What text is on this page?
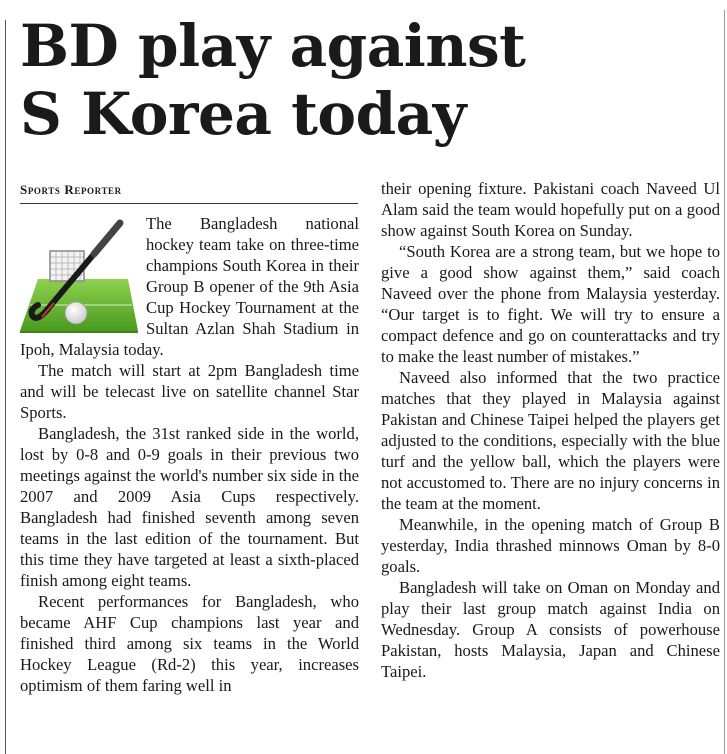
BD play against
S Korea today
Sports Reporter

The Bangladesh national hockey team take on three-time champions South Korea in their Group B opener of the 9th Asia Cup Hockey Tournament at the Sultan Azlan Shah Stadium in Ipoh, Malaysia today.

The match will start at 2pm Bangladesh time and will be telecast live on satellite channel Star Sports.

Bangladesh, the 31st ranked side in the world, lost by 0-8 and 0-9 goals in their previous two meetings against the world's number six side in the 2007 and 2009 Asia Cups respectively. Bangladesh had finished seventh among seven teams in the last edition of the tournament. But this time they have targeted at least a sixth-placed finish among eight teams.

Recent performances for Bangladesh, who became AHF Cup champions last year and finished third among six teams in the World Hockey League (Rd-2) this year, increases optimism of them faring well in

their opening fixture. Pakistani coach Naveed Ul Alam said the team would hopefully put on a good show against South Korea on Sunday.

“South Korea are a strong team, but we hope to give a good show against them,” said coach Naveed over the phone from Malaysia yesterday. “Our target is to fight. We will try to ensure a compact defence and go on counterattacks and try to make the least number of mistakes.”

Naveed also informed that the two practice matches that they played in Malaysia against Pakistan and Chinese Taipei helped the players get adjusted to the conditions, especially with the blue turf and the yellow ball, which the players were not accustomed to. There are no injury concerns in the team at the moment.

Meanwhile, in the opening match of Group B yesterday, India thrashed minnows Oman by 8-0 goals.

Bangladesh will take on Oman on Monday and play their last group match against India on Wednesday. Group A consists of powerhouse Pakistan, hosts Malaysia, Japan and Chinese Taipei.
